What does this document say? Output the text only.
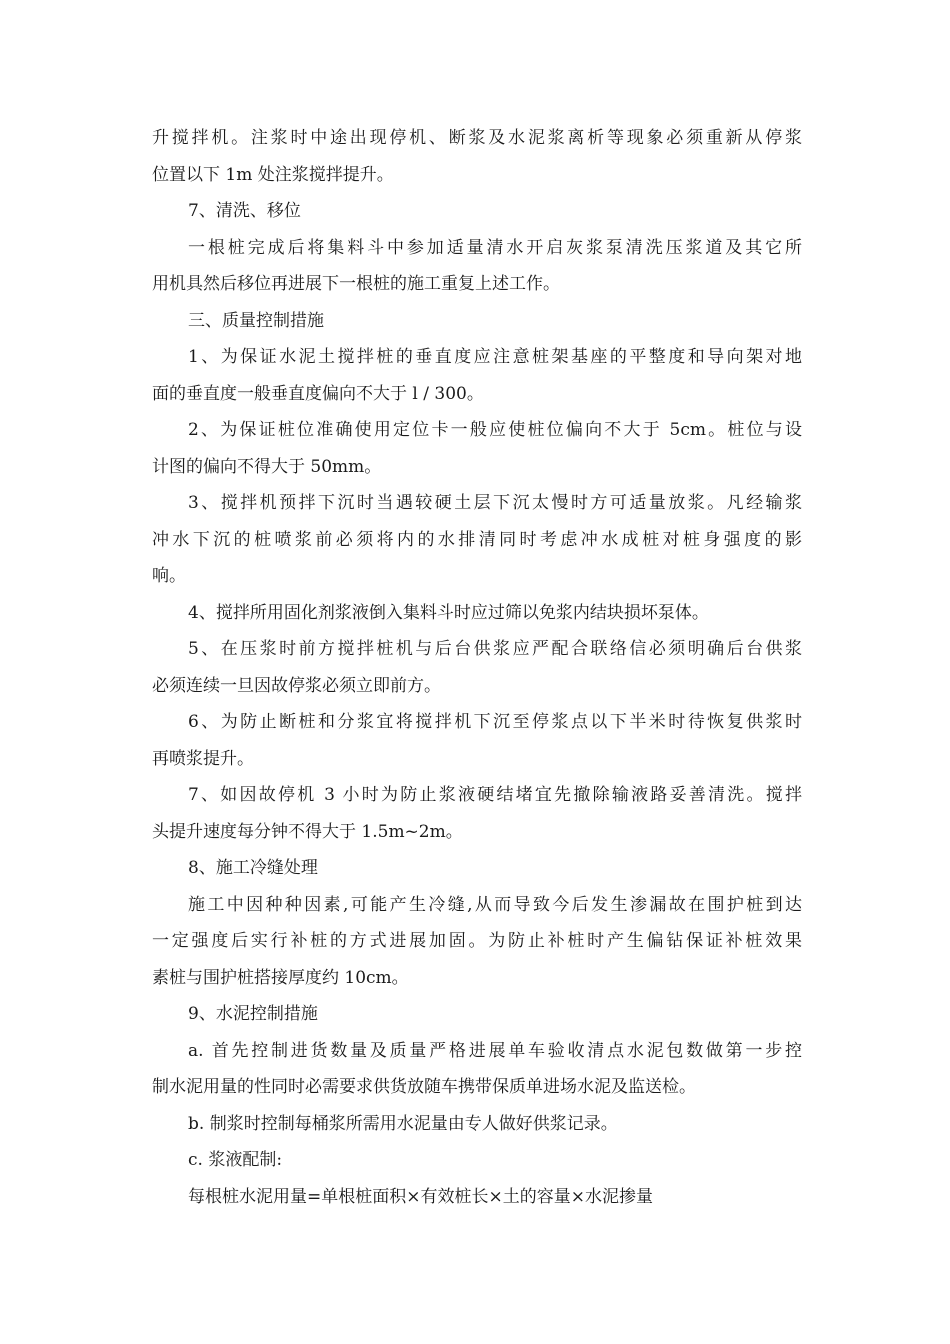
升搅拌机。注浆时中途出现停机、断浆及水泥浆离析等现象必须重新从停浆
位置以下 1m 处注浆搅拌提升。
7、清洗、移位
一根桩完成后将集料斗中参加适量清水开启灰浆泵清洗压浆道及其它所
用机具然后移位再进展下一根桩的施工重复上述工作。
三、质量控制措施
1、为保证水泥土搅拌桩的垂直度应注意桩架基座的平整度和导向架对地
面的垂直度一般垂直度偏向不大于 l / 300。
2、为保证桩位准确使用定位卡一般应使桩位偏向不大于 5cm。桩位与设
计图的偏向不得大于 50mm。
3、搅拌机预拌下沉时当遇较硬土层下沉太慢时方可适量放浆。凡经输浆
冲水下沉的桩喷浆前必须将内的水排清同时考虑冲水成桩对桩身强度的影
响。
4、搅拌所用固化剂浆液倒入集料斗时应过筛以免浆内结块损坏泵体。
5、在压浆时前方搅拌桩机与后台供浆应严配合联络信必须明确后台供浆
必须连续一旦因故停浆必须立即前方。
6、为防止断桩和分浆宜将搅拌机下沉至停浆点以下半米时待恢复供浆时
再喷浆提升。
7、如因故停机 3 小时为防止浆液硬结堵宜先撤除输液路妥善清洗。搅拌
头提升速度每分钟不得大于 1.5m~2m。
8、施工冷缝处理
施工中因种种因素,可能产生冷缝,从而导致今后发生渗漏故在围护桩到达
一定强度后实行补桩的方式进展加固。为防止补桩时产生偏钻保证补桩效果
素桩与围护桩搭接厚度约 10cm。
9、水泥控制措施
a. 首先控制进货数量及质量严格进展单车验收清点水泥包数做第一步控
制水泥用量的性同时必需要求供货放随车携带保质单进场水泥及监送检。
b. 制浆时控制每桶浆所需用水泥量由专人做好供浆记录。
c. 浆液配制:
每根桩水泥用量=单根桩面积×有效桩长×土的容量×水泥掺量
